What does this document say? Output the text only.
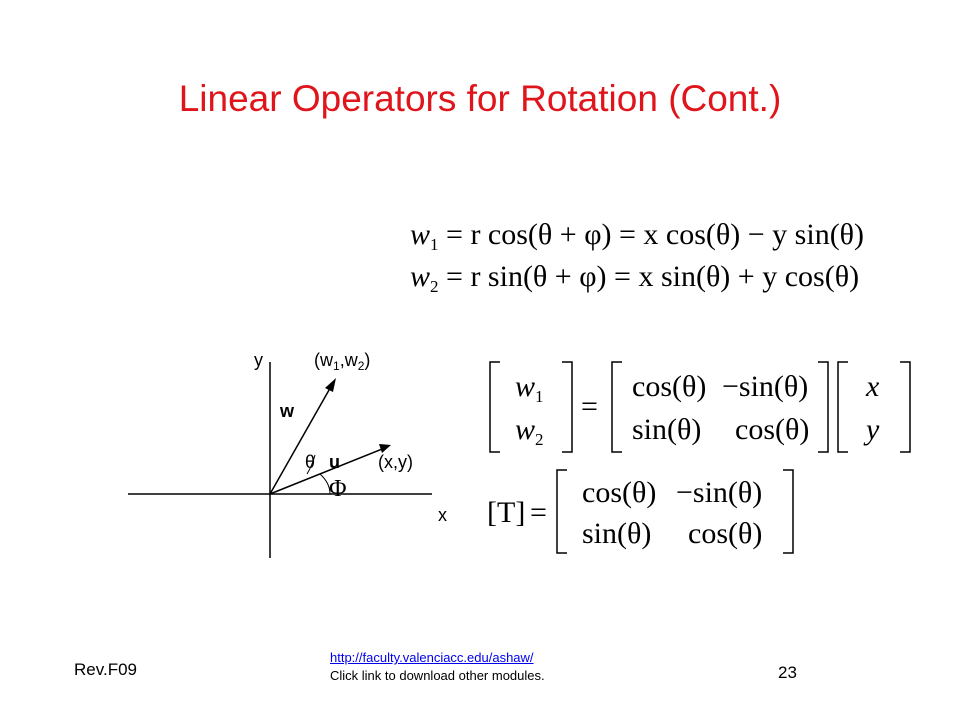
Linear Operators for Rotation (Cont.)
$w_1 = r$ cos(θ + φ) = x cos(θ) − y sin(θ)
$w_2 = r$ sin(θ + φ) = x sin(θ) + y cos(θ)
y
x
$(w_1,w_2)$
w
u
θ
Φ
(x,y)
$w_1$
$w_2$
=
cos(θ) −sin(θ)
sin(θ) cos(θ)
x
y
[T] =
cos(θ) −sin(θ)
sin(θ) cos(θ)
Rev.F09
http://faculty.valenciacc.edu/ashaw/
Click link to download other modules.	23
